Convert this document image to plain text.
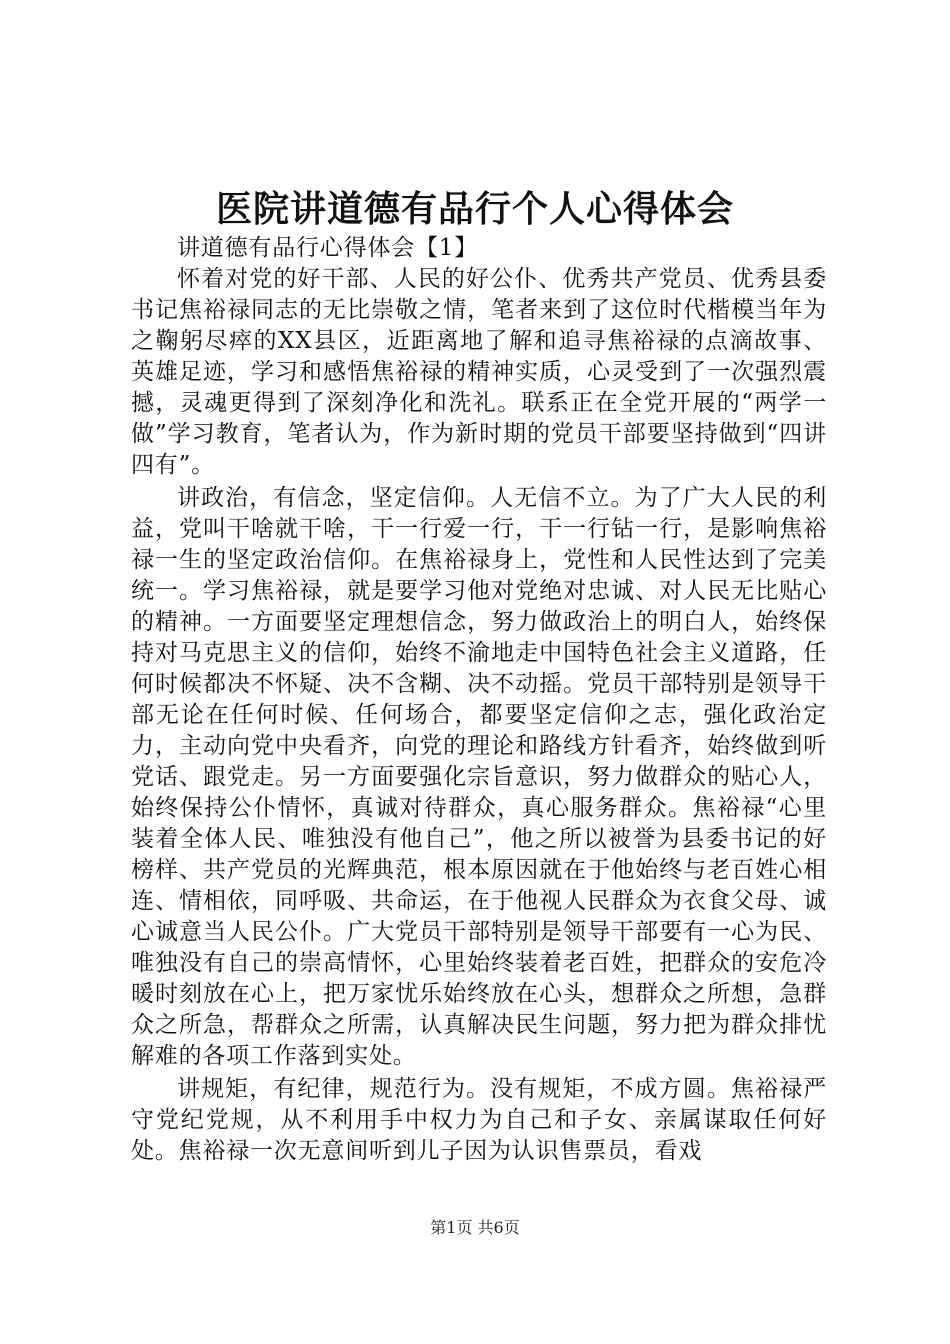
医院讲道德有品行个人心得体会

讲道德有品行心得体会【1】

怀着对党的好干部、人民的好公仆、优秀共产党员、优秀县委书记焦裕禄同志的无比崇敬之情，笔者来到了这位时代楷模当年为之鞠躬尽瘁的XX县区，近距离地了解和追寻焦裕禄的点滴故事、英雄足迹，学习和感悟焦裕禄的精神实质，心灵受到了一次强烈震撼，灵魂更得到了深刻净化和洗礼。联系正在全党开展的“两学一做”学习教育，笔者认为，作为新时期的党员干部要坚持做到“四讲四有”。

讲政治，有信念，坚定信仰。人无信不立。为了广大人民的利益，党叫干啥就干啥，干一行爱一行，干一行钻一行，是影响焦裕禄一生的坚定政治信仰。在焦裕禄身上，党性和人民性达到了完美统一。学习焦裕禄，就是要学习他对党绝对忠诚、对人民无比贴心的精神。一方面要坚定理想信念，努力做政治上的明白人，始终保持对马克思主义的信仰，始终不渝地走中国特色社会主义道路，任何时候都决不怀疑、决不含糊、决不动摇。党员干部特别是领导干部无论在任何时候、任何场合，都要坚定信仰之志，强化政治定力，主动向党中央看齐，向党的理论和路线方针看齐，始终做到听党话、跟党走。另一方面要强化宗旨意识，努力做群众的贴心人，始终保持公仆情怀，真诚对待群众，真心服务群众。焦裕禄“心里装着全体人民、唯独没有他自己”，他之所以被誉为县委书记的好榜样、共产党员的光辉典范，根本原因就在于他始终与老百姓心相连、情相依，同呼吸、共命运，在于他视人民群众为衣食父母、诚心诚意当人民公仆。广大党员干部特别是领导干部要有一心为民、唯独没有自己的崇高情怀，心里始终装着老百姓，把群众的安危冷暖时刻放在心上，把万家忧乐始终放在心头，想群众之所想，急群众之所急，帮群众之所需，认真解决民生问题，努力把为群众排忧解难的各项工作落到实处。

讲规矩，有纪律，规范行为。没有规矩，不成方圆。焦裕禄严守党纪党规，从不利用手中权力为自己和子女、亲属谋取任何好处。焦裕禄一次无意间听到儿子因为认识售票员，看戏

第1页 共6页
